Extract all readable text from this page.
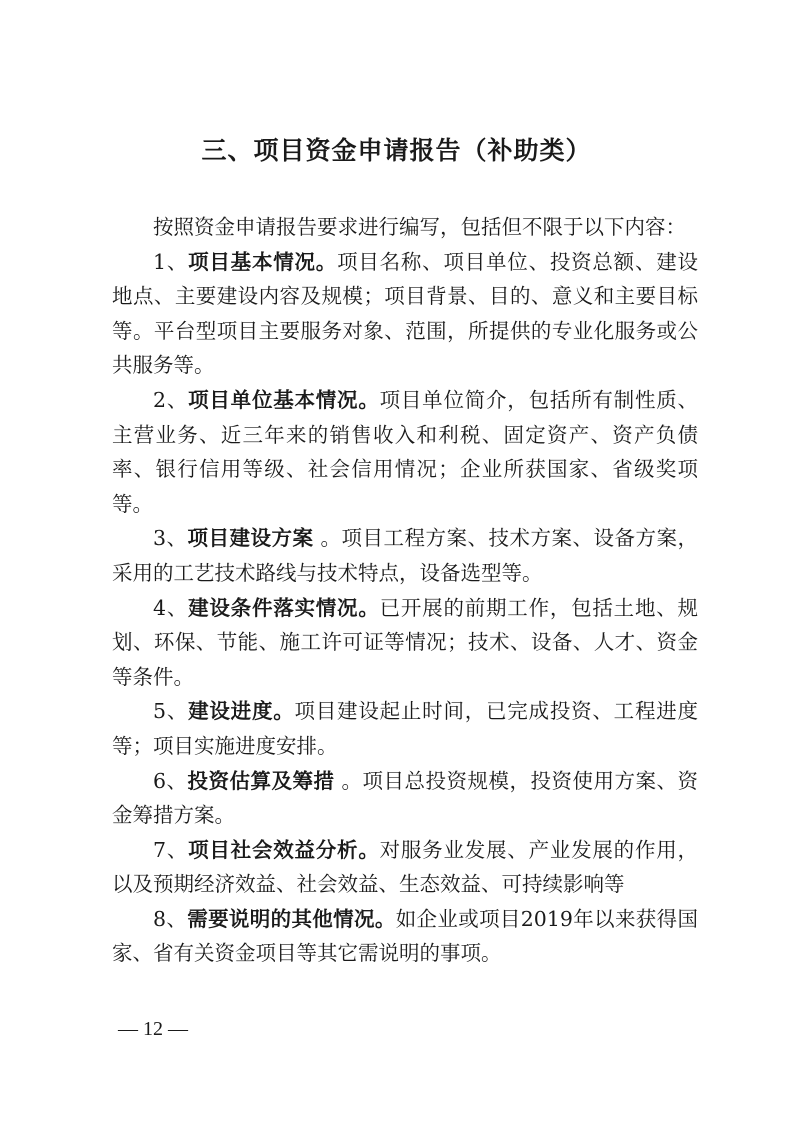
三、项目资金申请报告（补助类）

按照资金申请报告要求进行编写，包括但不限于以下内容：

1、项目基本情况。项目名称、项目单位、投资总额、建设地点、主要建设内容及规模；项目背景、目的、意义和主要目标等。平台型项目主要服务对象、范围，所提供的专业化服务或公共服务等。

2、项目单位基本情况。项目单位简介，包括所有制性质、主营业务、近三年来的销售收入和利税、固定资产、资产负债率、银行信用等级、社会信用情况；企业所获国家、省级奖项等。

3、项目建设方案 。项目工程方案、技术方案、设备方案，采用的工艺技术路线与技术特点，设备选型等。

4、建设条件落实情况。已开展的前期工作，包括土地、规划、环保、节能、施工许可证等情况；技术、设备、人才、资金等条件。

5、建设进度。项目建设起止时间，已完成投资、工程进度等；项目实施进度安排。

6、投资估算及筹措 。项目总投资规模，投资使用方案、资金筹措方案。

7、项目社会效益分析。对服务业发展、产业发展的作用，以及预期经济效益、社会效益、生态效益、可持续影响等

8、需要说明的其他情况。如企业或项目2019年以来获得国家、省有关资金项目等其它需说明的事项。

— 12 —
